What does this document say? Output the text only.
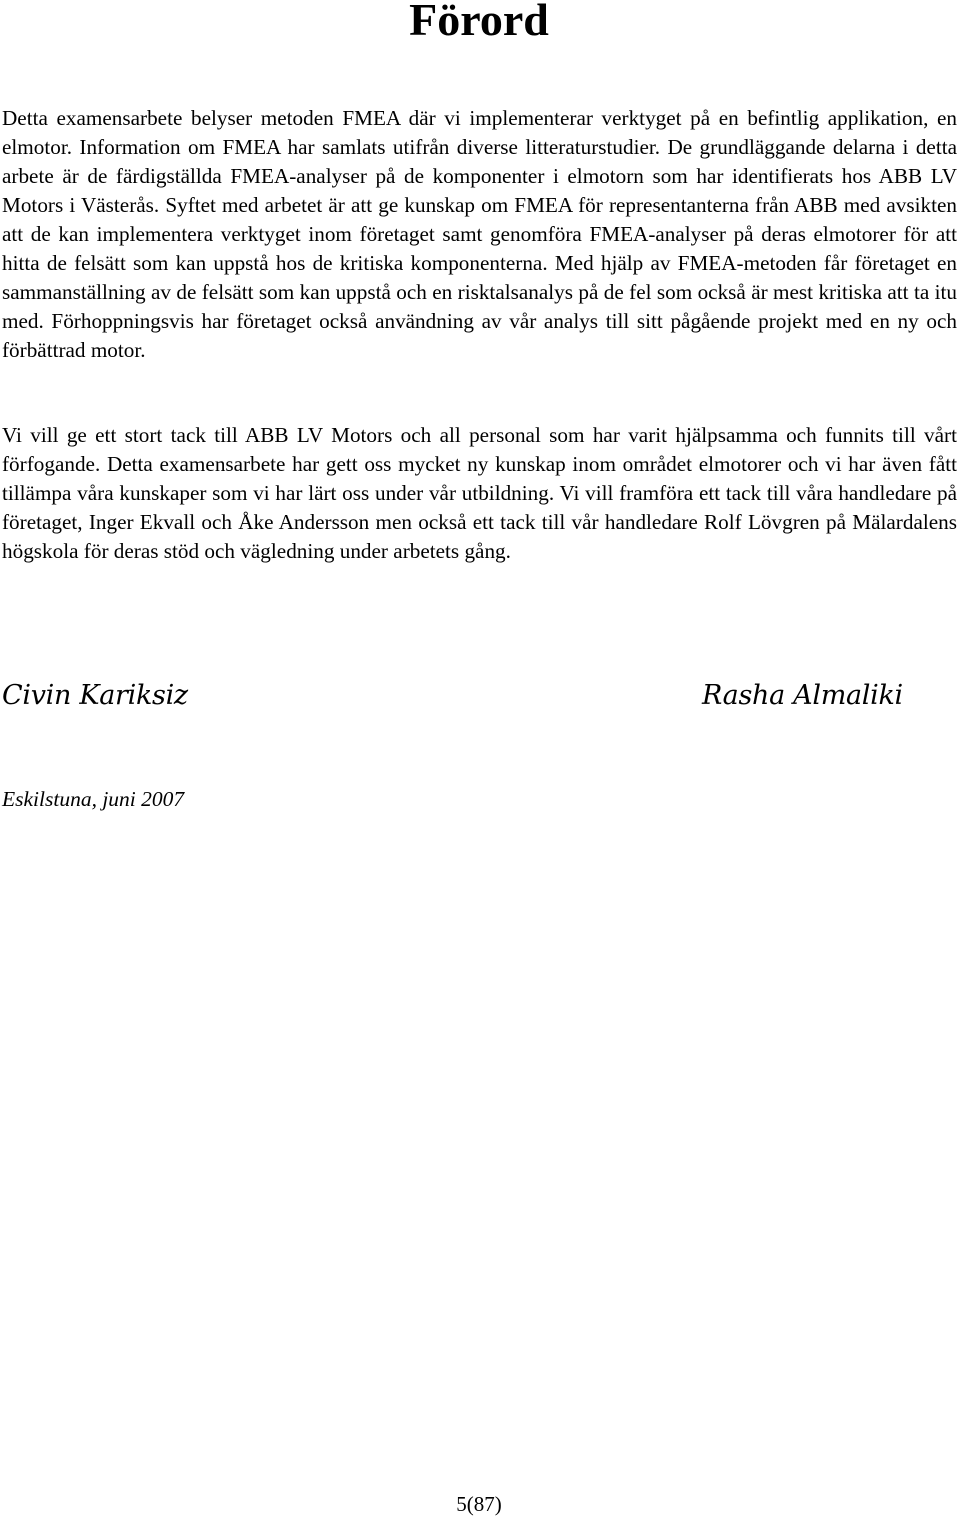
Förord

Detta examensarbete belyser metoden FMEA där vi implementerar verktyget på en befintlig applikation, en elmotor. Information om FMEA har samlats utifrån diverse litteraturstudier. De grundläggande delarna i detta arbete är de färdigställda FMEA-analyser på de komponenter i elmotorn som har identifierats hos ABB LV Motors i Västerås. Syftet med arbetet är att ge kunskap om FMEA för representanterna från ABB med avsikten att de kan implementera verktyget inom företaget samt genomföra FMEA-analyser på deras elmotorer för att hitta de felsätt som kan uppstå hos de kritiska komponenterna. Med hjälp av FMEA-metoden får företaget en sammanställning av de felsätt som kan uppstå och en risktalsanalys på de fel som också är mest kritiska att ta itu med. Förhoppningsvis har företaget också användning av vår analys till sitt pågående projekt med en ny och förbättrad motor.

Vi vill ge ett stort tack till ABB LV Motors och all personal som har varit hjälpsamma och funnits till vårt förfogande. Detta examensarbete har gett oss mycket ny kunskap inom området elmotorer och vi har även fått tillämpa våra kunskaper som vi har lärt oss under vår utbildning. Vi vill framföra ett tack till våra handledare på företaget, Inger Ekvall och Åke Andersson men också ett tack till vår handledare Rolf Lövgren på Mälardalens högskola för deras stöd och vägledning under arbetets gång.

Civin Kariksiz	Rasha Almaliki
Eskilstuna, juni 2007
5(87)
